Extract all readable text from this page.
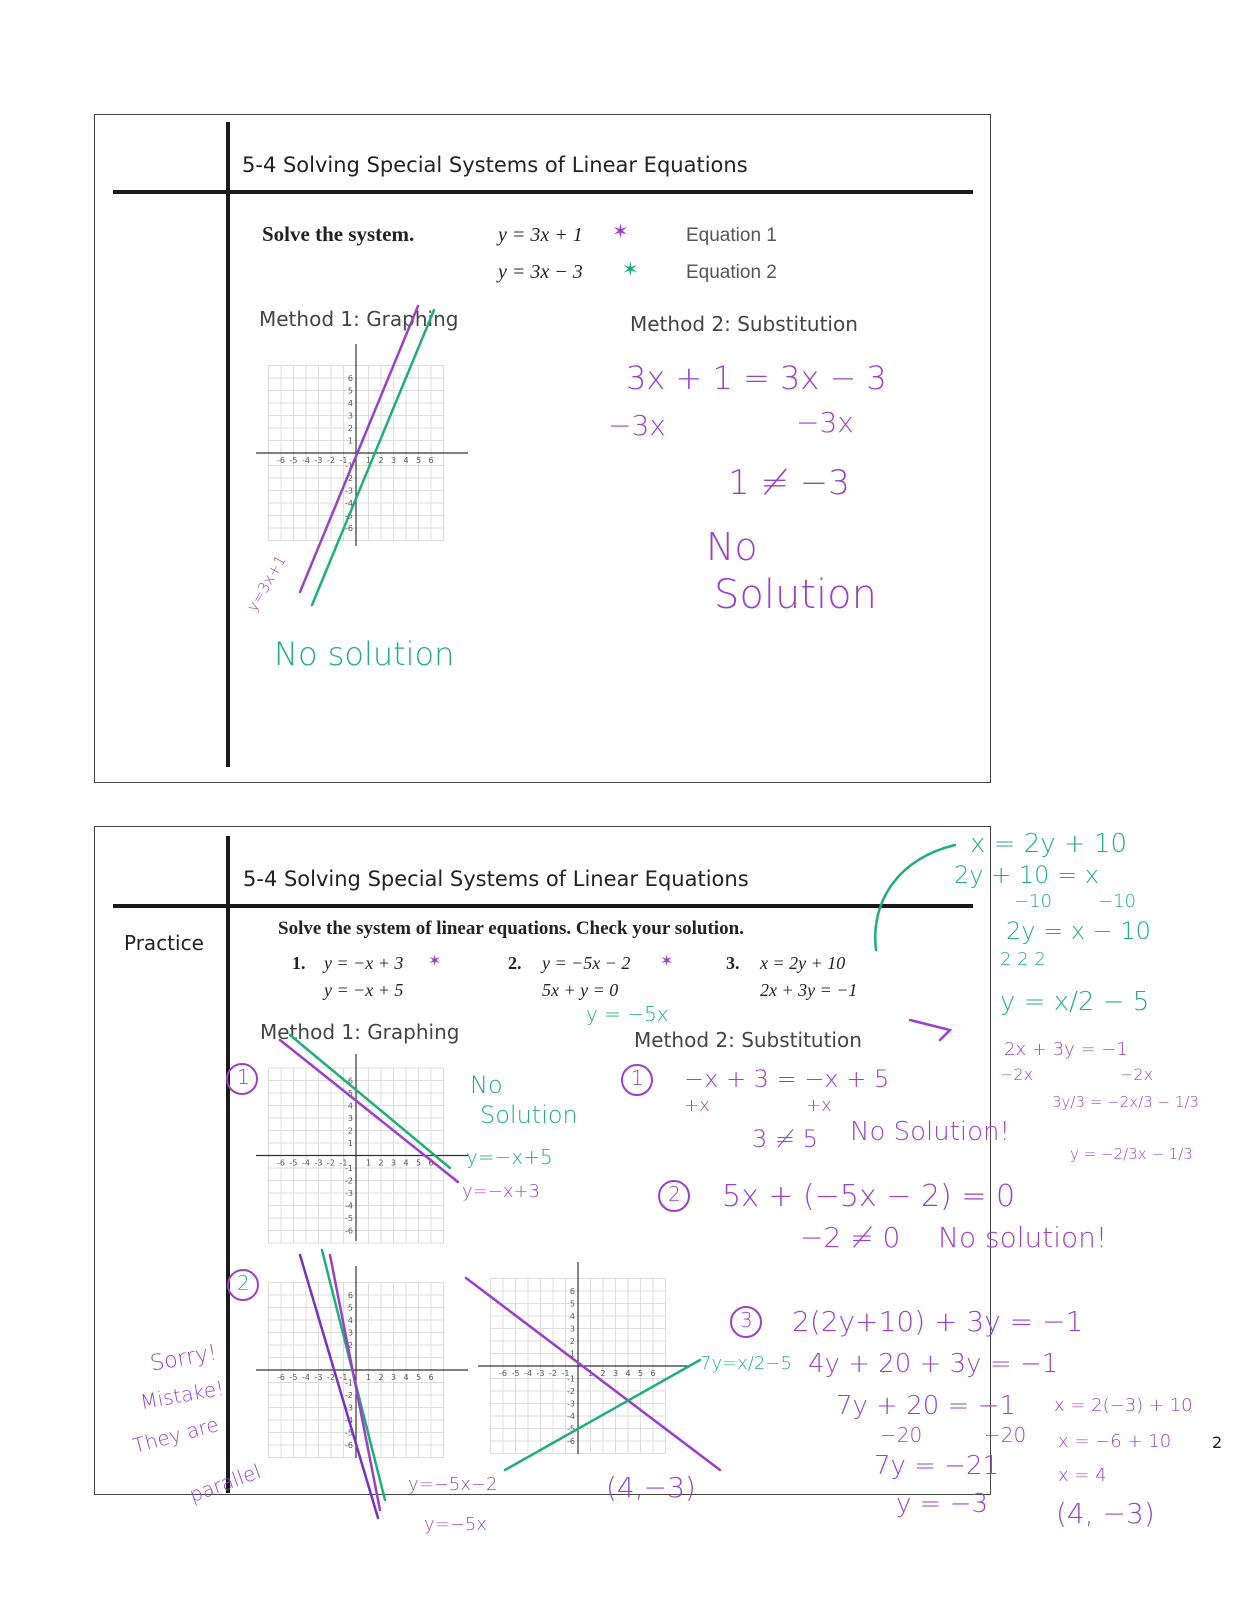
5-4 Solving Special Systems of Linear Equations
Solve the system.	y = 3x + 1
y = 3x − 3
✶
✶
Equation 1
Equation 2
Method 1: Graphing	Method 2: Substitution
-6
-6
-5
-5
-4
-4
-3
-3
-2
-2
-1
-1
1
1
2
2
3
3
4
4
5
5
6
6
y=3x+1
No solution
3x + 1 = 3x − 3
−3x	−3x
1 ≠ −3
No
Solution
5-4 Solving Special Systems of Linear Equations
Practice
Solve the system of linear equations. Check your solution.
1. y = −x + 3
y = −x + 5
2. y = −5x − 2
5x + y = 0
3. x = 2y + 10
2x + 3y = −1
✶	✶
Method 1: Graphing	Method 2: Substitution
-6
-6
-5
-5
-4
-4
-3
-3
-2
-2
-1
-1
1
1
2
2
3
3
4
4
5
5
6
6
-6
-6
-5
-5
-4
-4
-3
-3
-2
-2
-1
-1
1
1
2
2
3
3
4
4
5
5
6
6
-6
-6
-5
-5
-4
-4
-3
-3
-2
-2
-1
-1
1
1
2
2
3
3
4
4
5
5
6
6
1
2
1
2
3
y = −5x
No
Solution
y=−x+5
y=−x+3
y=−5x−2
y=−5x
7y=x/2−5
(4,−3)
Sorry!
Mistake!
They are
parallel
−x + 3 = −x + 5
+x	+x
3 ≠ 5 No Solution!
5x + (−5x − 2) = 0
−2 ≠ 0 No solution!
2(2y+10) + 3y = −1
4y + 20 + 3y = −1
7y + 20 = −1
−20	−20
7y = −21
y = −3
x = 2y + 10
2y + 10 = x
−10	−10
2y = x − 10
2 2 2
y = x/2 − 5
2x + 3y = −1
−2x	−2x
3y/3 = −2x/3 − 1/3
y = −2/3x − 1/3
x = 2(−3) + 10
x = −6 + 10
x = 4
(4, −3)
2
